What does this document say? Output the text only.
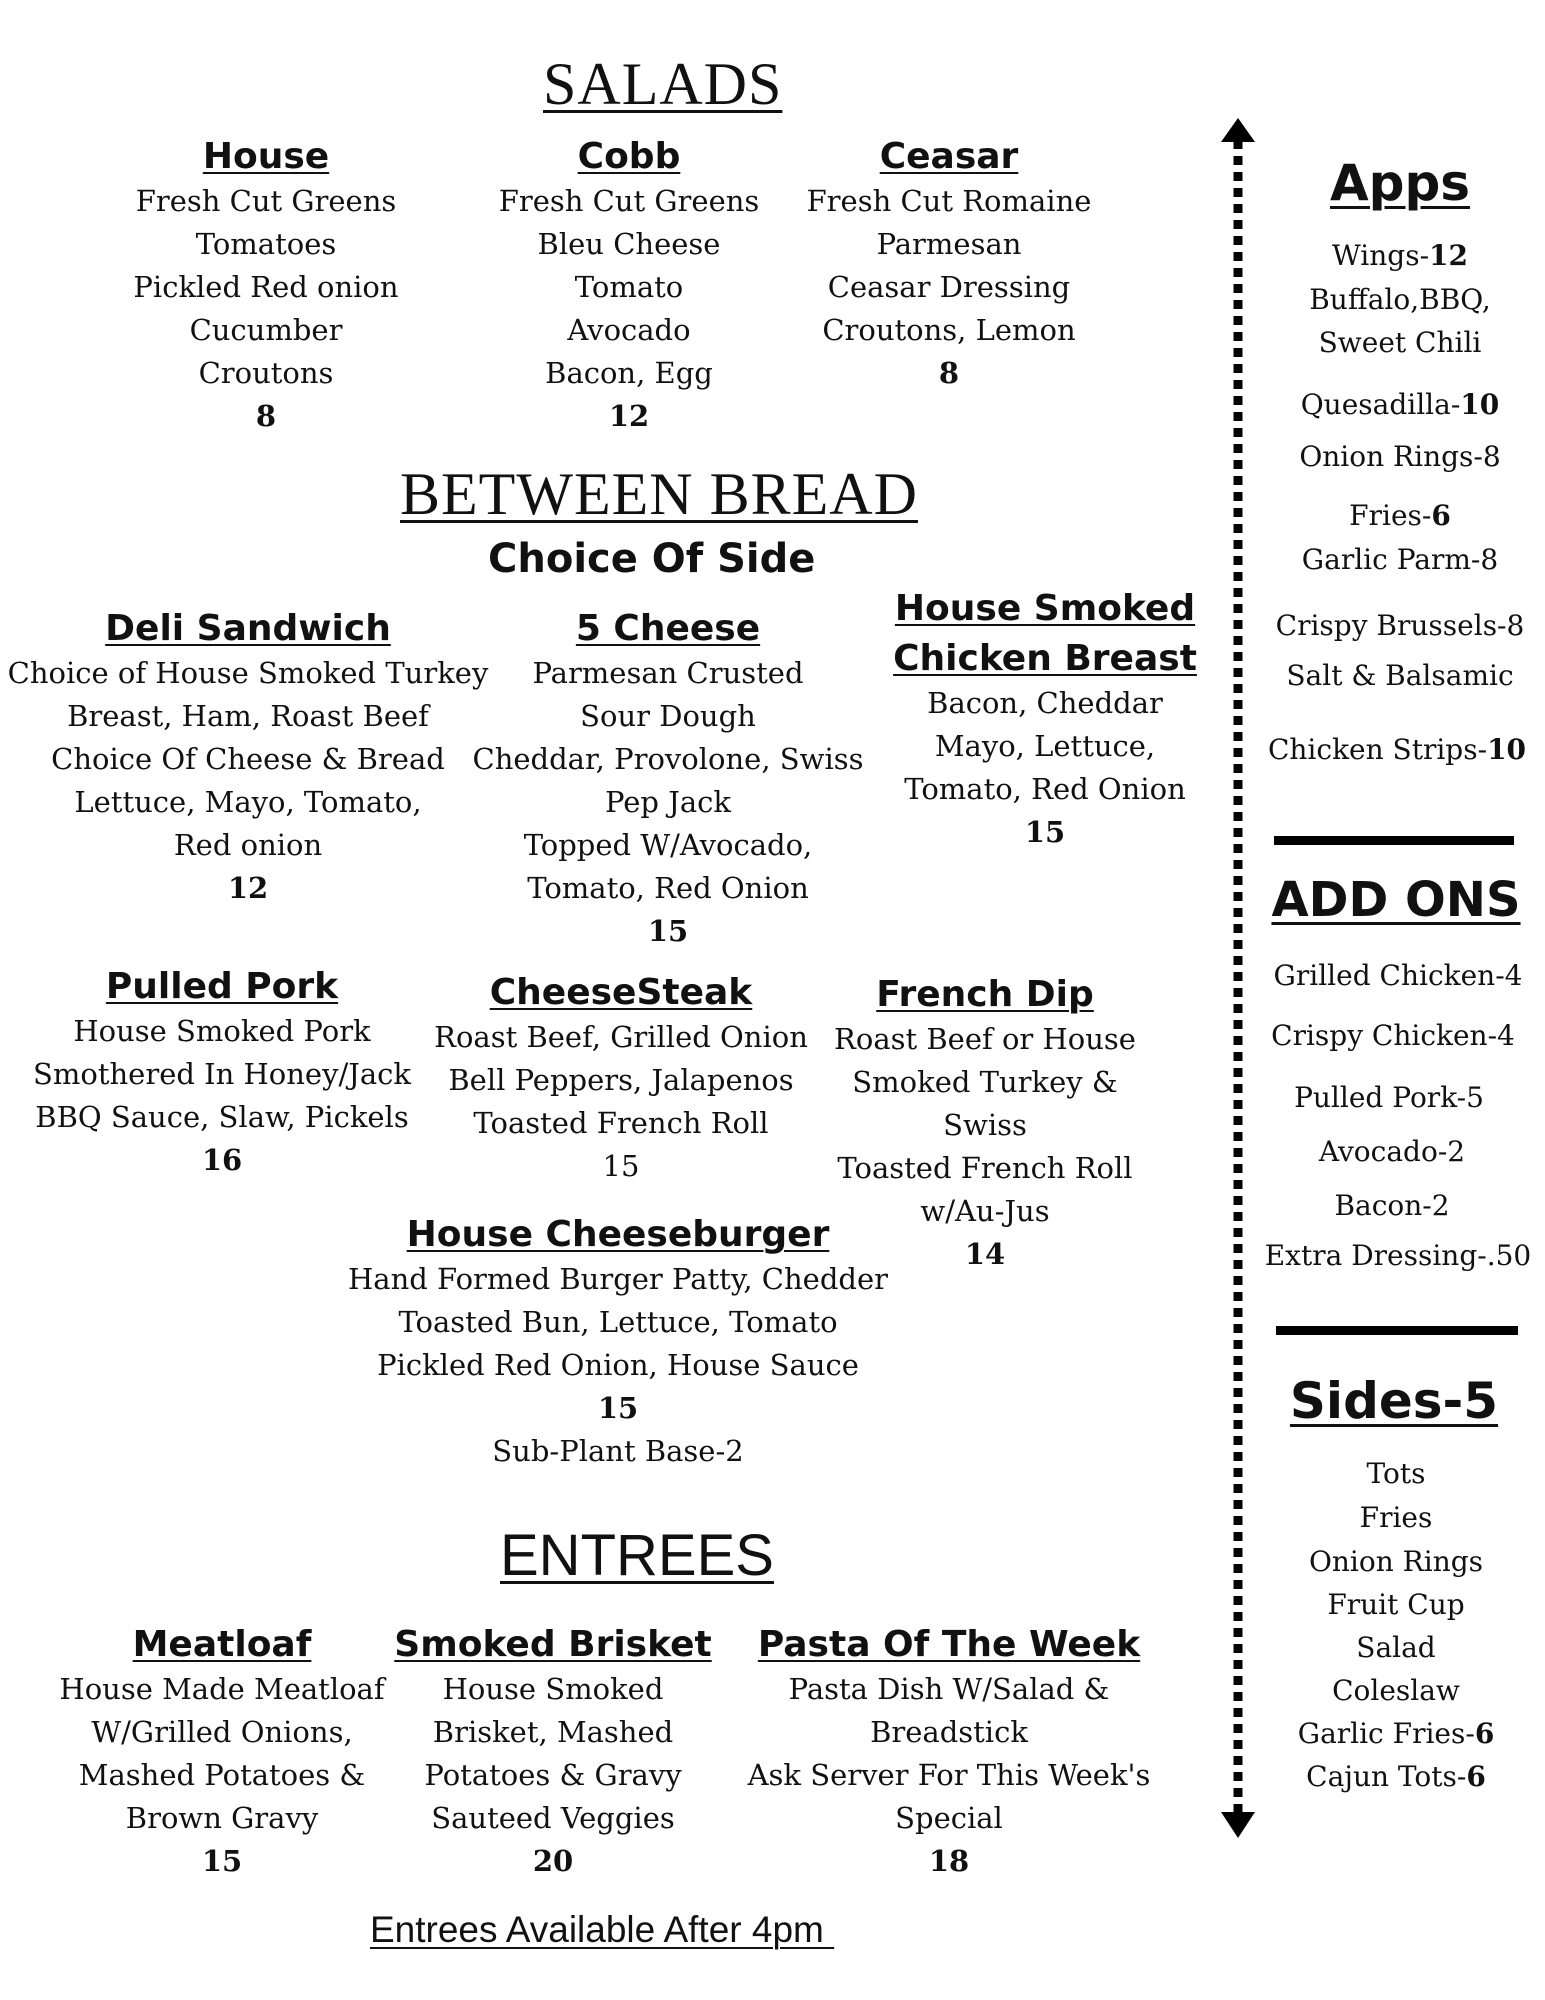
SALADS
House
Fresh Cut Greens
Tomatoes
Pickled Red onion
Cucumber
Croutons
8
Cobb
Fresh Cut Greens
Bleu Cheese
Tomato
Avocado
Bacon, Egg
12
Ceasar
Fresh Cut Romaine
Parmesan
Ceasar Dressing
Croutons, Lemon
8
BETWEEN BREAD
Choice Of Side
Deli Sandwich
Choice of House Smoked Turkey
Breast, Ham, Roast Beef
Choice Of Cheese & Bread
Lettuce, Mayo, Tomato,
Red onion
12
5 Cheese
Parmesan Crusted
Sour Dough
Cheddar, Provolone, Swiss
Pep Jack
Topped W/Avocado,
Tomato, Red Onion
15
House Smoked
Chicken Breast
Bacon, Cheddar
Mayo, Lettuce,
Tomato, Red Onion
15
Pulled Pork
House Smoked Pork
Smothered In Honey/Jack
BBQ Sauce, Slaw, Pickels
16
CheeseSteak
Roast Beef, Grilled Onion
Bell Peppers, Jalapenos
Toasted French Roll
15
French Dip
Roast Beef or House
Smoked Turkey &
Swiss
Toasted French Roll
w/Au-Jus
14
House Cheeseburger
Hand Formed Burger Patty, Chedder
Toasted Bun, Lettuce, Tomato
Pickled Red Onion, House Sauce
15
Sub-Plant Base-2
ENTREES
Meatloaf
House Made Meatloaf
W/Grilled Onions,
Mashed Potatoes &
Brown Gravy
15
Smoked Brisket
House Smoked
Brisket, Mashed
Potatoes & Gravy
Sauteed Veggies
20
Pasta Of The Week
Pasta Dish W/Salad &
Breadstick
Ask Server For This Week's
Special
18
Entrees Available After 4pm
Apps
Wings-12
Buffalo,BBQ,
Sweet Chili
Quesadilla-10
Onion Rings-8
Fries-6
Garlic Parm-8
Crispy Brussels-8
Salt & Balsamic
Chicken Strips-10
ADD ONS
Grilled Chicken-4
Crispy Chicken-4
Pulled Pork-5
Avocado-2
Bacon-2
Extra Dressing-.50
Sides-5
Tots
Fries
Onion Rings
Fruit Cup
Salad
Coleslaw
Garlic Fries-6
Cajun Tots-6
